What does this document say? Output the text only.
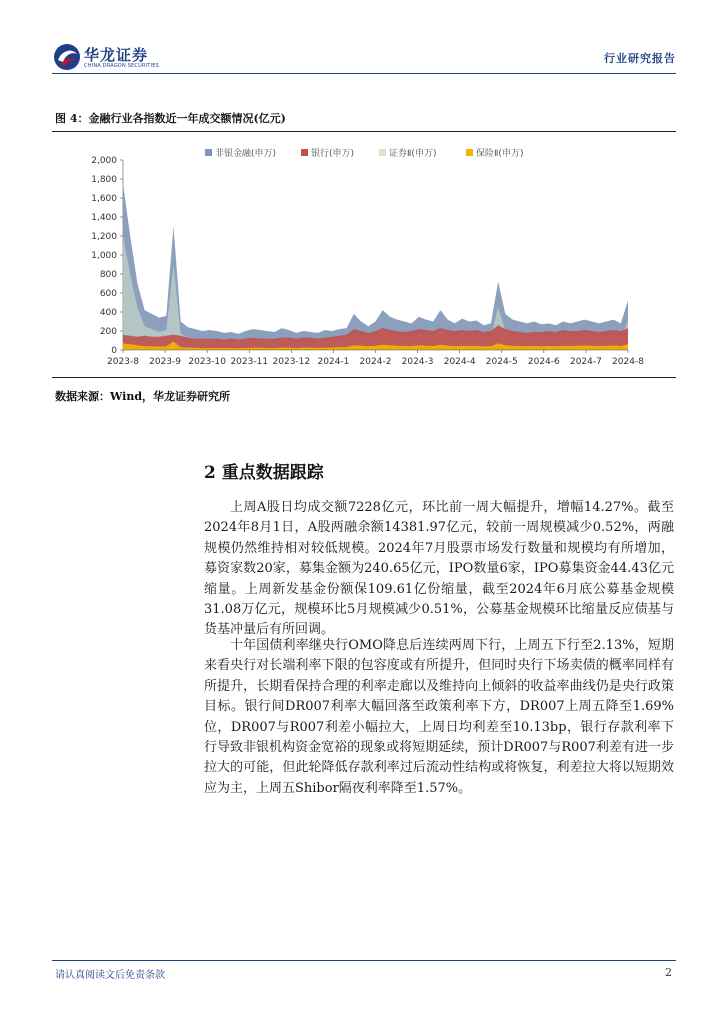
华龙证券
CHINA DRAGON SECURITIES
行业研究报告
图 4：金融行业各指数近一年成交额情况(亿元)
非银金融(申万)	银行(申万)	证券Ⅱ(申万)	保险Ⅱ(申万)
0
200
400
600
800
1,000
1,200
1,400
1,600
1,800
2,000
2023-8 2023-9 2023-10 2023-11 2023-12 2024-1 2024-2 2024-3 2024-4 2024-5 2024-6 2024-7 2024-8
数据来源：Wind，华龙证券研究所
2 重点数据跟踪

上周A股日均成交额7228亿元，环比前一周大幅提升，增幅14.27%。截至2024年8月1日，A股两融余额14381.97亿元，较前一周规模减少0.52%，两融规模仍然维持相对较低规模。2024年7月股票市场发行数量和规模均有所增加，募资家数20家，募集金额为240.65亿元，IPO数量6家，IPO募集资金44.43亿元缩量。上周新发基金份额保109.61亿份缩量，截至2024年6月底公募基金规模31.08万亿元，规模环比5月规模减少0.51%，公募基金规模环比缩量反应债基与货基冲量后有所回调。

十年国债利率继央行OMO降息后连续两周下行，上周五下行至2.13%，短期来看央行对长端利率下限的包容度或有所提升，但同时央行下场卖债的概率同样有所提升，长期看保持合理的利率走廊以及维持向上倾斜的收益率曲线仍是央行政策目标。银行间DR007利率大幅回落至政策利率下方，DR007上周五降至1.69%位，DR007与R007利差小幅拉大，上周日均利差至10.13bp，银行存款利率下行导致非银机构资金宽裕的现象或将短期延续，预计DR007与R007利差有进一步拉大的可能，但此轮降低存款利率过后流动性结构或将恢复，利差拉大将以短期效应为主，上周五Shibor隔夜利率降至1.57%。

请认真阅读文后免责条款	2
